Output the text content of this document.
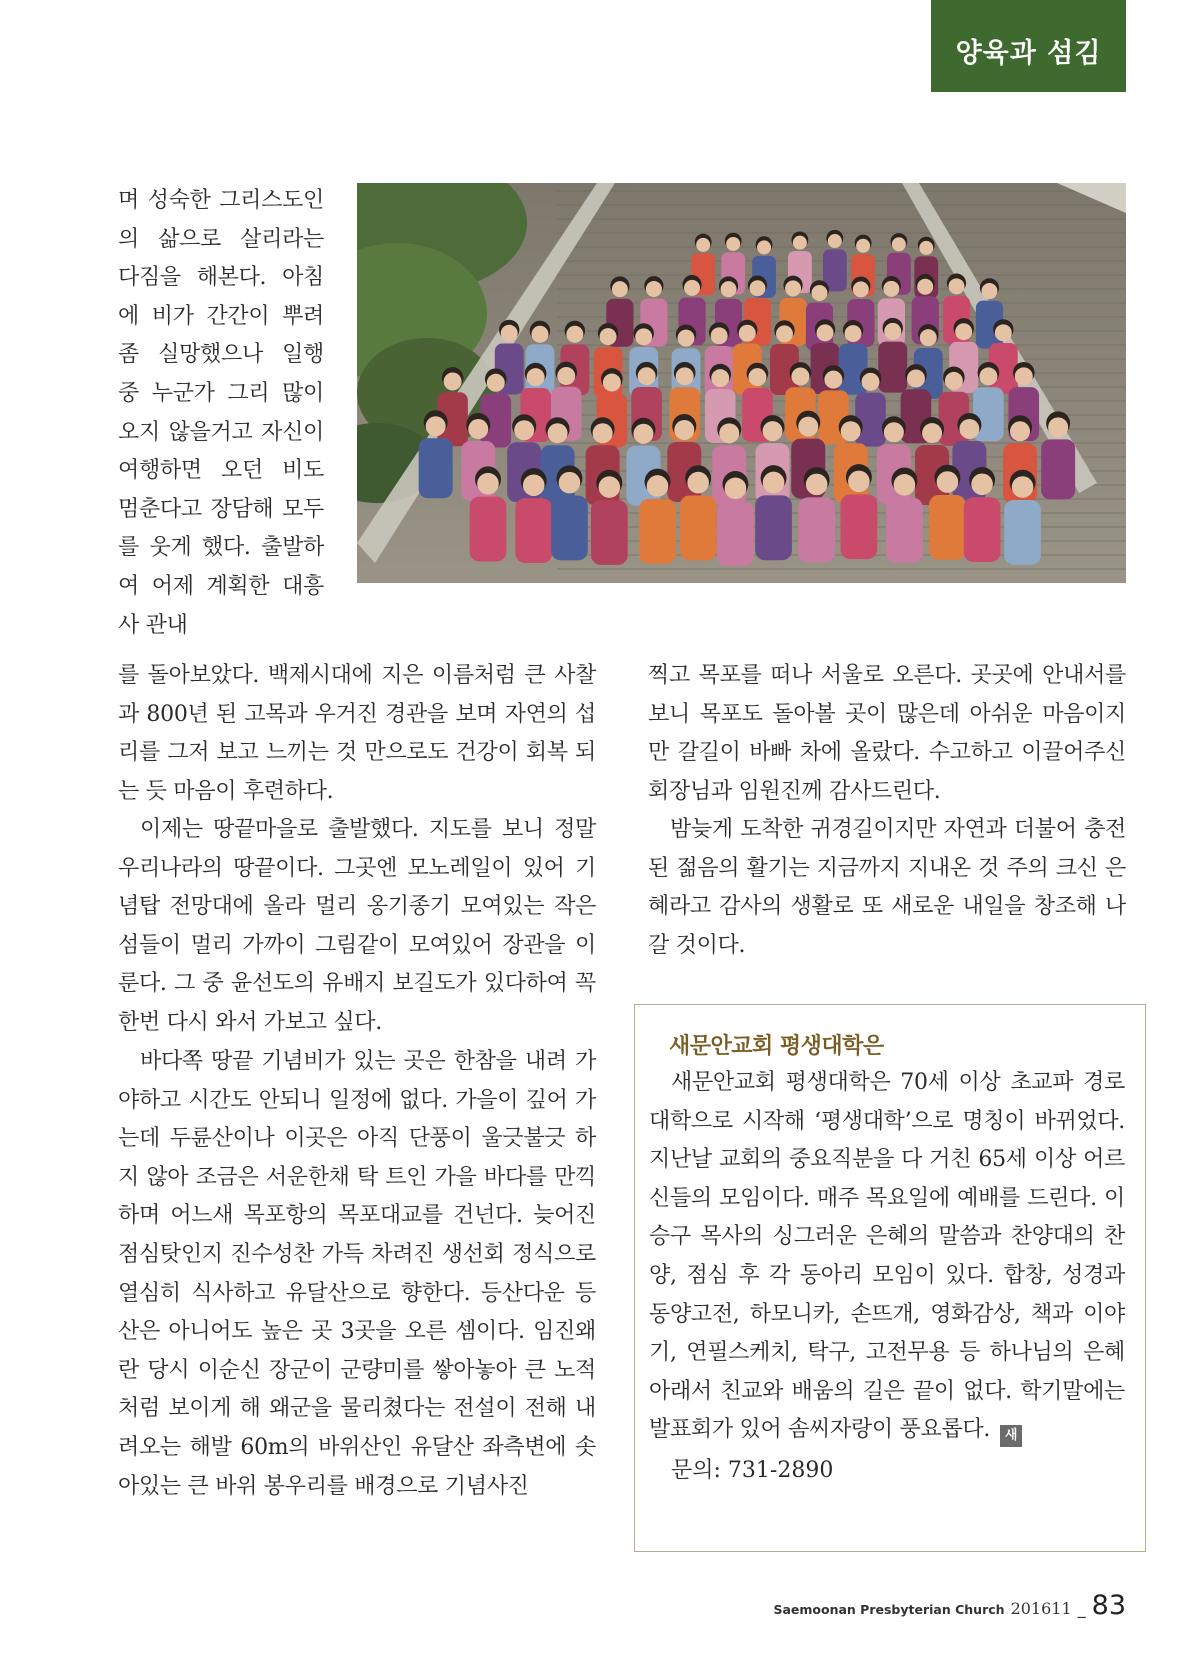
양육과 섬김

며 성숙한 그리스도인의 삶으로 살리라는 다짐을 해본다. 아침에 비가 간간이 뿌려 좀 실망했으나 일행 중 누군가 그리 많이 오지 않을거고 자신이 여행하면 오던 비도 멈춘다고 장담해 모두를 웃게 했다. 출발하여 어제 계획한 대흥사 관내

를 돌아보았다. 백제시대에 지은 이름처럼 큰 사찰과 800년 된 고목과 우거진 경관을 보며 자연의 섭리를 그저 보고 느끼는 것 만으로도 건강이 회복 되는 듯 마음이 후련하다.

이제는 땅끝마을로 출발했다. 지도를 보니 정말 우리나라의 땅끝이다. 그곳엔 모노레일이 있어 기념탑 전망대에 올라 멀리 옹기종기 모여있는 작은 섬들이 멀리 가까이 그림같이 모여있어 장관을 이룬다. 그 중 윤선도의 유배지 보길도가 있다하여 꼭 한번 다시 와서 가보고 싶다.

바다쪽 땅끝 기념비가 있는 곳은 한참을 내려 가야하고 시간도 안되니 일정에 없다. 가을이 깊어 가는데 두륜산이나 이곳은 아직 단풍이 울긋불긋 하지 않아 조금은 서운한채 탁 트인 가을 바다를 만끽하며 어느새 목포항의 목포대교를 건넌다. 늦어진 점심탓인지 진수성찬 가득 차려진 생선회 정식으로 열심히 식사하고 유달산으로 향한다. 등산다운 등산은 아니어도 높은 곳 3곳을 오른 셈이다. 임진왜란 당시 이순신 장군이 군량미를 쌓아놓아 큰 노적처럼 보이게 해 왜군을 물리쳤다는 전설이 전해 내려오는 해발 60m의 바위산인 유달산 좌측변에 솟아있는 큰 바위 봉우리를 배경으로 기념사진

찍고 목포를 떠나 서울로 오른다. 곳곳에 안내서를 보니 목포도 돌아볼 곳이 많은데 아쉬운 마음이지만 갈길이 바빠 차에 올랐다. 수고하고 이끌어주신 회장님과 임원진께 감사드린다.

밤늦게 도착한 귀경길이지만 자연과 더불어 충전된 젊음의 활기는 지금까지 지내온 것 주의 크신 은혜라고 감사의 생활로 또 새로운 내일을 창조해 나갈 것이다.

새문안교회 평생대학은

새문안교회 평생대학은 70세 이상 초교파 경로대학으로 시작해 ‘평생대학’으로 명칭이 바뀌었다. 지난날 교회의 중요직분을 다 거친 65세 이상 어르신들의 모임이다. 매주 목요일에 예배를 드린다. 이승구 목사의 싱그러운 은혜의 말씀과 찬양대의 찬양, 점심 후 각 동아리 모임이 있다. 합창, 성경과 동양고전, 하모니카, 손뜨개, 영화감상, 책과 이야기, 연필스케치, 탁구, 고전무용 등 하나님의 은혜 아래서 친교와 배움의 길은 끝이 없다. 학기말에는 발표회가 있어 솜씨자랑이 풍요롭다. 새

문의: 731-2890
Saemoonan Presbyterian Church 201611 _ 83
